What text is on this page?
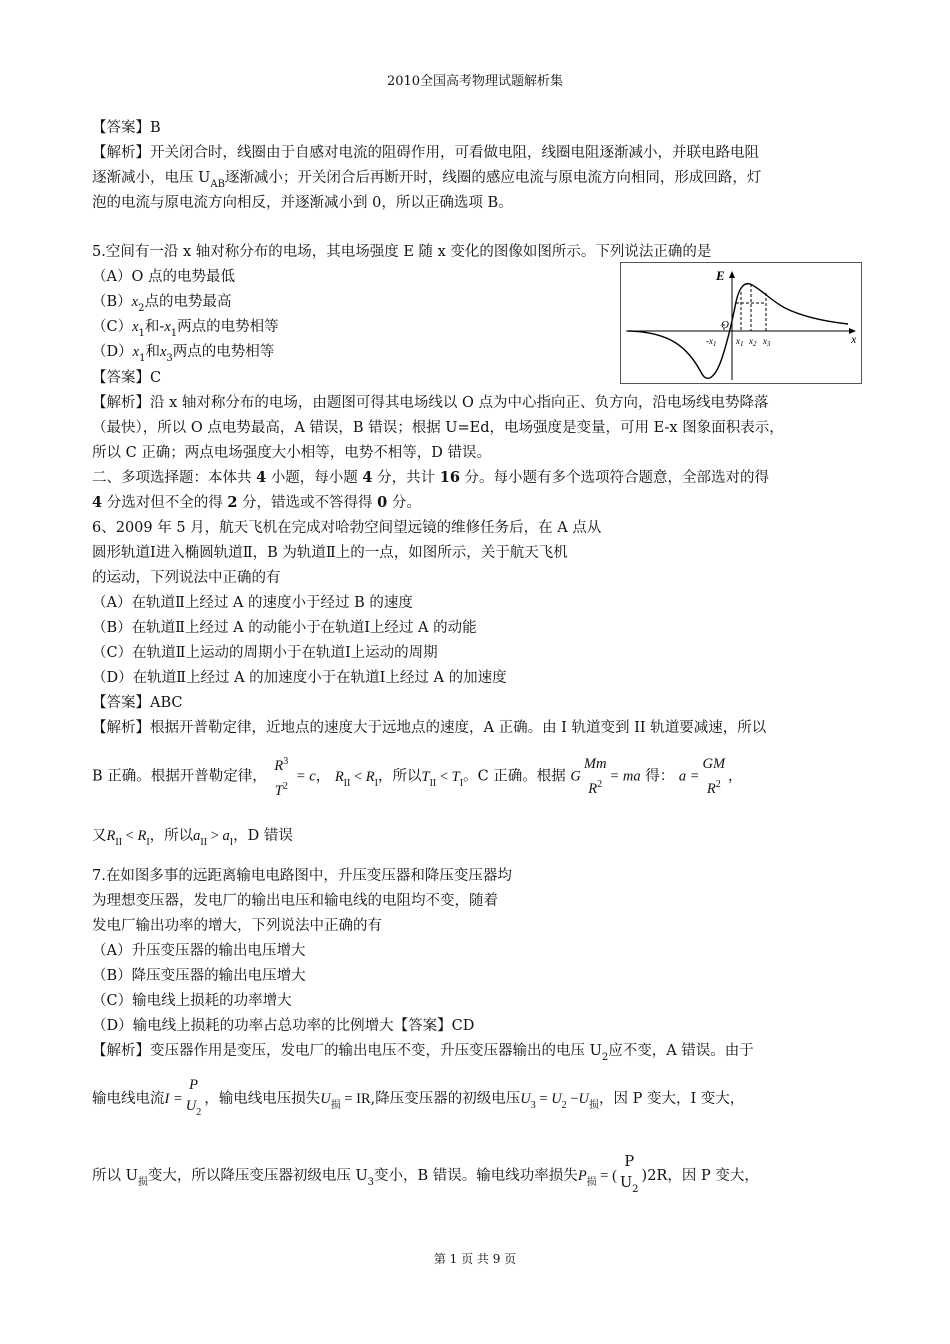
2010全国高考物理试题解析集
【答案】B
【解析】开关闭合时，线圈由于自感对电流的阻碍作用，可看做电阻，线圈电阻逐渐减小，并联电路电阻
逐渐减小，电压 $U_{AB}$逐渐减小；开关闭合后再断开时，线圈的感应电流与原电流方向相同，形成回路，灯
泡的电流与原电流方向相反，并逐渐减小到 0，所以正确选项 B。
5.空间有一沿 x 轴对称分布的电场，其电场强度 E 随 x 变化的图像如图所示。下列说法正确的是
（A）O 点的电势最低
$(B)x_2$点的电势最高
$(C)x_1$和$-x_1$两点的电势相等
$(D)x_1$和$x_3$两点的电势相等
【答案】C
【解析】沿 x 轴对称分布的电场，由题图可得其电场线以 O 点为中心指向正、负方向，沿电场线电势降落
（最快），所以 O 点电势最高，A 错误，B 错误；根据 U=Ed，电场强度是变量，可用 E-x 图象面积表示，
所以 C 正确；两点电场强度大小相等，电势不相等，D 错误。
E
x
O
$-x_1$ $x_1$ $x_2$ $x_3$
二、多项选择题：本体共 4 小题，每小题 4 分，共计 16 分。每小题有多个选项符合题意，全部选对的得
4 分选对但不全的得 2 分，错选或不答得得 0 分。
6、2009 年 5 月，航天飞机在完成对哈勃空间望远镜的维修任务后，在 A 点从
圆形轨道Ⅰ进入椭圆轨道Ⅱ，B 为轨道Ⅱ上的一点，如图所示，关于航天飞机
的运动，下列说法中正确的有
（A）在轨道Ⅱ上经过 A 的速度小于经过 B 的速度
（B）在轨道Ⅱ上经过 A 的动能小于在轨道Ⅰ上经过 A 的动能
（C）在轨道Ⅱ上运动的周期小于在轨道Ⅰ上运动的周期
（D）在轨道Ⅱ上经过 A 的加速度小于在轨道Ⅰ上经过 A 的加速度
【答案】ABC
【解析】根据开普勒定律，近地点的速度大于远地点的速度，A 正确。由 I 轨道变到 II 轨道要减速，所以
B 正确。根据开普勒定律，
$R^3$
$T^2$
= c， $R_{II} < R_I$，所以$T_{II} < T_I$。C 正确。根据 G
Mm
$R^2$ = ma 得： a =
GM
$R^2$ ，
又$R_{II} < R_I$，所以$a_{II} > a_I$，D 错误
7.在如图多事的远距离输电电路图中，升压变压器和降压变压器均
为理想变压器，发电厂的输出电压和输电线的电阻均不变，随着
发电厂输出功率的增大，下列说法中正确的有
（A）升压变压器的输出电压增大
（B）降压变压器的输出电压增大
（C）输电线上损耗的功率增大
（D）输电线上损耗的功率占总功率的比例增大【答案】CD
【解析】变压器作用是变压，发电厂的输出电压不变，升压变压器输出的电压 $U_2$应不变，A 错误。由于
输电线电流I =
P
$U_2$
，输电线电压损失$U_损$ = IR,降压变压器的初级电压$U_3 = U_2 -U_损$，因 P 变大，I 变大，
所以 $U_损$变大，所以降压变压器初级电压 $U_3$变小，B 错误。输电线功率损失$P_损$ = (
P
$U_2$
)2R，因 P 变大，
第 1 页 共 9 页
